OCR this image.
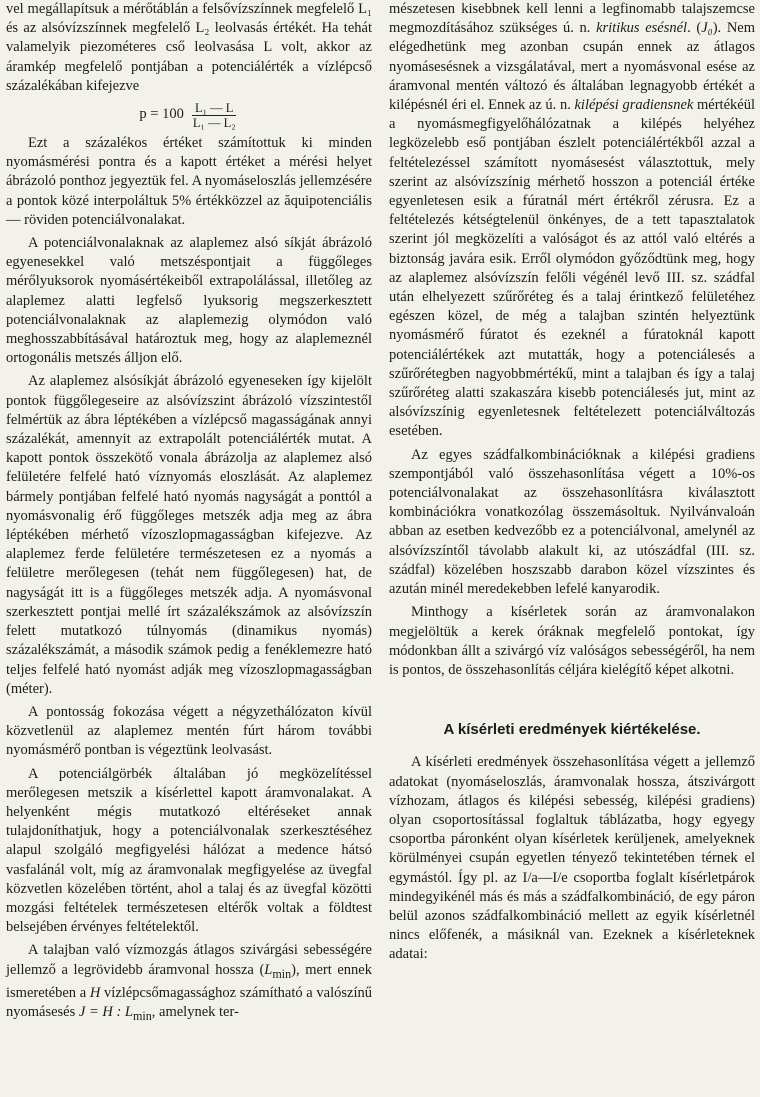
vel megállapítsuk a mérőtáblán a felsővízszínnek megfelelő L₁ és az alsóvízszínnek megfelelő L₂ leolvasás értékét. Ha tehát valamelyik piezométeres cső leolvasása L volt, akkor az áramkép megfelelő pontjában a potenciálérték a vízlépcső százalékában kifejezve

$p = 100 \frac{\text{L₁ — L}}{\text{L₁ — L₂}}$

Ezt a százalékos értéket számítottuk ki minden nyomásmérési pontra és a kapott értéket a mérési helyet ábrázoló ponthoz jegyeztük fel. A nyomáseloszlás jellemzésére a pontok közé interpoláltuk 5% értékközzel az ăquipotenciális — röviden potenciálvonalakat.

A potenciálvonalaknak az alaplemez alsó síkját ábrázoló egyenesekkel való metszéspontjait a függőleges mérőlyuksorok nyomásértékeiből extrapolálással, illetőleg az alaplemez alatti legfelső lyuksorig megszerkesztett potenciálvonalaknak az alaplemezig olymódon való meghosszabbításával határoztuk meg, hogy az alaplemeznél ortogonális metszés álljon elő.

Az alaplemez alsósíkját ábrázoló egyeneseken így kijelölt pontok függőlegeseire az alsóvízszint ábrázoló vízszintestől felmértük az ábra léptékében a vízlépcső magasságának annyi százalékát, amennyit az extrapolált potenciálérték mutat. A kapott pontok összekötő vonala ábrázolja az alaplemez alsó felületére felfelé ható víznyomás eloszlását. Az alaplemez bármely pontjában felfelé ható nyomás nagyságát a ponttól a nyomásvonalig érő függőleges metszék adja meg az ábra léptékében mérhető vízoszlopmagasságban kifejezve. Az alaplemez ferde felületére természetesen ez a nyomás a felületre merőlegesen (tehát nem függőlegesen) hat, de nagyságát itt is a függőleges metszék adja. A nyomásvonal szerkesztett pontjai mellé írt százalékszámok az alsóvízszín felett mutatkozó túlnyomás (dinamikus nyomás) százalékszámát, a második számok pedig a fenéklemezre ható teljes felfelé ható nyomást adják meg vízoszlopmagasságban (méter).

A pontosság fokozása végett a négyzethálózaton kívül közvetlenül az alaplemez mentén fúrt három további nyomásmérő pontban is végeztünk leolvasást.

A potenciálgörbék általában jó megközelítéssel merőlegesen metszik a kísérlettel kapott áramvonalakat. A helyenként mégis mutatkozó eltéréseket annak tulajdoníthatjuk, hogy a potenciálvonalak szerkesztéséhez alapul szolgáló megfigyelési hálózat a medence hátsó vasfalánál volt, míg az áramvonalak megfigyelése az üvegfal közvetlen közelében történt, ahol a talaj és az üvegfal közötti mozgási feltételek természetesen eltérők voltak a földtest belsejében érvényes feltételektől.

A talajban való vízmozgás átlagos szivárgási sebességére jellemző a legrövidebb áramvonal hossza $(L_{min})$, mert ennek ismeretében a H vízlépcsőmagassághoz számítható a valószínű nyomásesés J = H : $L_{min}$, amelynek ter-

mészetesen kisebbnek kell lenni a legfinomabb talajszemcse megmozdításához szükséges ú. n. kritikus esésnél. (J₀). Nem elégedhetünk meg azonban csupán ennek az átlagos nyomásesésnek a vizsgálatával, mert a nyomásvonal esése az áramvonal mentén változó és általában legnagyobb értékét a kilépésnél éri el. Ennek az ú. n. kilépési gradiensnek mértékéül a nyomásmegfigyelőhálózatnak a kilépés helyéhez legközelebb eső pontjában észlelt potenciálértékből azzal a feltételezéssel számított nyomásesést választottuk, mely szerint az alsóvízszínig mérhető hosszon a potenciál értéke egyenletesen esik a fúratnál mért értékről zérusra. Ez a feltételezés kétségtelenül önkényes, de a tett tapasztalatok szerint jól megközelíti a valóságot és az attól való eltérés a biztonság javára esik. Erről olymódon győződtünk meg, hogy az alaplemez alsóvízszín felőli végénél levő III. sz. szádfal után elhelyezett szűrőréteg és a talaj érintkező felületéhez egészen közel, de még a talajban szintén helyeztünk nyomásmérő fúratot és ezeknél a fúratoknál kapott potenciálértékek azt mutatták, hogy a potenciálesés a szűrőrétegben nagyobbmértékű, mint a talajban és így a talaj szűrőréteg alatti szakaszára kisebb potenciálesés jut, mint az alsóvízszínig egyenletesnek feltételezett potenciálváltozás esetében.

Az egyes szádfalkombinációknak a kilépési gradiens szempontjából való összehasonlítása végett a 10%-os potenciálvonalakat az összehasonlításra kiválasztott kombinációkra vonatkozólag összemásoltuk. Nyilvánvaloán abban az esetben kedvezőbb ez a potenciálvonal, amelynél az alsóvízszíntől távolabb alakult ki, az utószádfal (III. sz. szádfal) közelében hoszszabb darabon közel vízszintes és azután minél meredekebben lefelé kanyarodik.

Minthogy a kísérletek során az áramvonalakon megjelöltük a kerek óráknak megfelelő pontokat, így módonkban állt a szivárgó víz valóságos sebességéről, ha nem is pontos, de összehasonlítás céljára kielégítő képet alkotni.

A kísérleti eredmények kiértékelése.

A kísérleti eredmények összehasonlítása végett a jellemző adatokat (nyomáseloszlás, áramvonalak hossza, átszivárgott vízhozam, átlagos és kilépési sebesség, kilépési gradiens) olyan csoportosítással foglaltuk táblázatba, hogy egyegy csoportba páronként olyan kísérletek kerüljenek, amelyeknek körülményei csupán egyetlen tényező tekintetében térnek el egymástól. Így pl. az I/a—I/e csoportba foglalt kísérletpárok mindegyikénél más és más a szádfalkombináció, de egy páron belül azonos szádfalkombináció mellett az egyik kísérletnél nincs előfenék, a másiknál van. Ezeknek a kísérleteknek adatai:
